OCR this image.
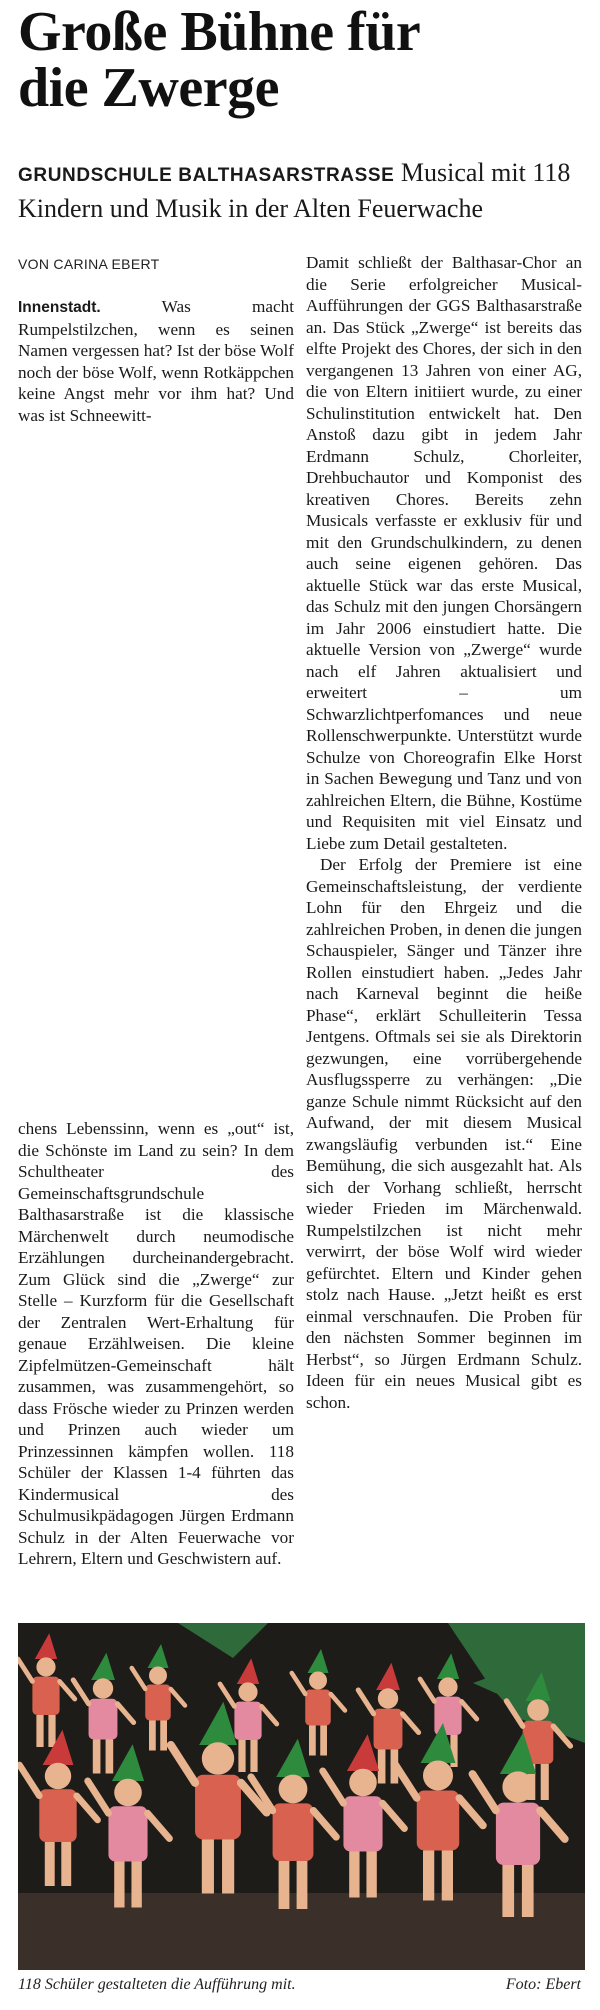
Große Bühne für
die Zwerge
GRUNDSCHULE BALTHASARSTRASSE Musical mit 118 Kindern und Musik in der Alten Feuerwache
VON CARINA EBERT

Innenstadt.	Was macht Rumpelstilzchen, wenn es seinen Namen vergessen hat? Ist der böse Wolf noch der böse Wolf, wenn Rotkäppchen keine Angst mehr vor ihm hat? Und was ist Schneewitt-

chens Lebenssinn, wenn es „out“ ist, die Schönste im Land zu sein? In dem Schultheater des Gemeinschaftsgrundschule Balthasarstraße ist die klassische Märchenwelt durch neumodische Erzählungen durcheinandergebracht. Zum Glück sind die „Zwerge“ zur Stelle – Kurzform für die Gesellschaft der Zentralen Wert-Erhaltung für genaue Erzählweisen. Die kleine Zipfelmützen-Gemeinschaft hält zusammen, was zusammengehört, so dass Frösche wieder zu Prinzen werden und Prinzen auch wieder um Prinzessinnen kämpfen wollen. 118 Schüler der Klassen 1-4 führten das Kindermusical des Schulmusikpädagogen Jürgen Erdmann Schulz in der Alten Feuerwache vor Lehrern, Eltern und Geschwistern auf.

Damit schließt der Balthasar-Chor an die Serie erfolgreicher Musical-Aufführungen der GGS Balthasarstraße an. Das Stück „Zwerge“ ist bereits das elfte Projekt des Chores, der sich in den vergangenen 13 Jahren von einer AG, die von Eltern initiiert wurde, zu einer Schulinstitution entwickelt hat. Den Anstoß dazu gibt in jedem Jahr Erdmann Schulz, Chorleiter, Drehbuchautor und Komponist des kreativen Chores. Bereits zehn Musicals verfasste er exklusiv für und mit den Grundschulkindern, zu denen auch seine eigenen gehören. Das aktuelle Stück war das erste Musical, das Schulz mit den jungen Chorsängern im Jahr 2006 einstudiert hatte. Die aktuelle Version von „Zwerge“ wurde nach elf Jahren aktualisiert und erweitert – um Schwarzlichtperfomances und neue Rollenschwerpunkte. Unterstützt wurde Schulze von Choreografin Elke Horst in Sachen Bewegung und Tanz und von zahlreichen Eltern, die Bühne, Kostüme und Requisiten mit viel Einsatz und Liebe zum Detail gestalteten.

Der Erfolg der Premiere ist eine Gemeinschaftsleistung, der verdiente Lohn für den Ehrgeiz und die zahlreichen Proben, in denen die jungen Schauspieler, Sänger und Tänzer ihre Rollen einstudiert haben. „Jedes Jahr nach Karneval beginnt die heiße Phase“, erklärt Schulleiterin Tessa Jentgens. Oftmals sei sie als Direktorin gezwungen, eine vorrübergehende Ausflugssperre zu verhängen: „Die ganze Schule nimmt Rücksicht auf den Aufwand, der mit diesem Musical zwangsläufig verbunden ist.“ Eine Bemühung, die sich ausgezahlt hat. Als sich der Vorhang schließt, herrscht wieder Frieden im Märchenwald. Rumpelstilzchen ist nicht mehr verwirrt, der böse Wolf wird wieder gefürchtet. Eltern und Kinder gehen stolz nach Hause. „Jetzt heißt es erst einmal verschnaufen. Die Proben für den nächsten Sommer beginnen im Herbst“, so Jürgen Erdmann Schulz. Ideen für ein neues Musical gibt es schon.

118 Schüler gestalteten die Aufführung mit.	Foto: Ebert
